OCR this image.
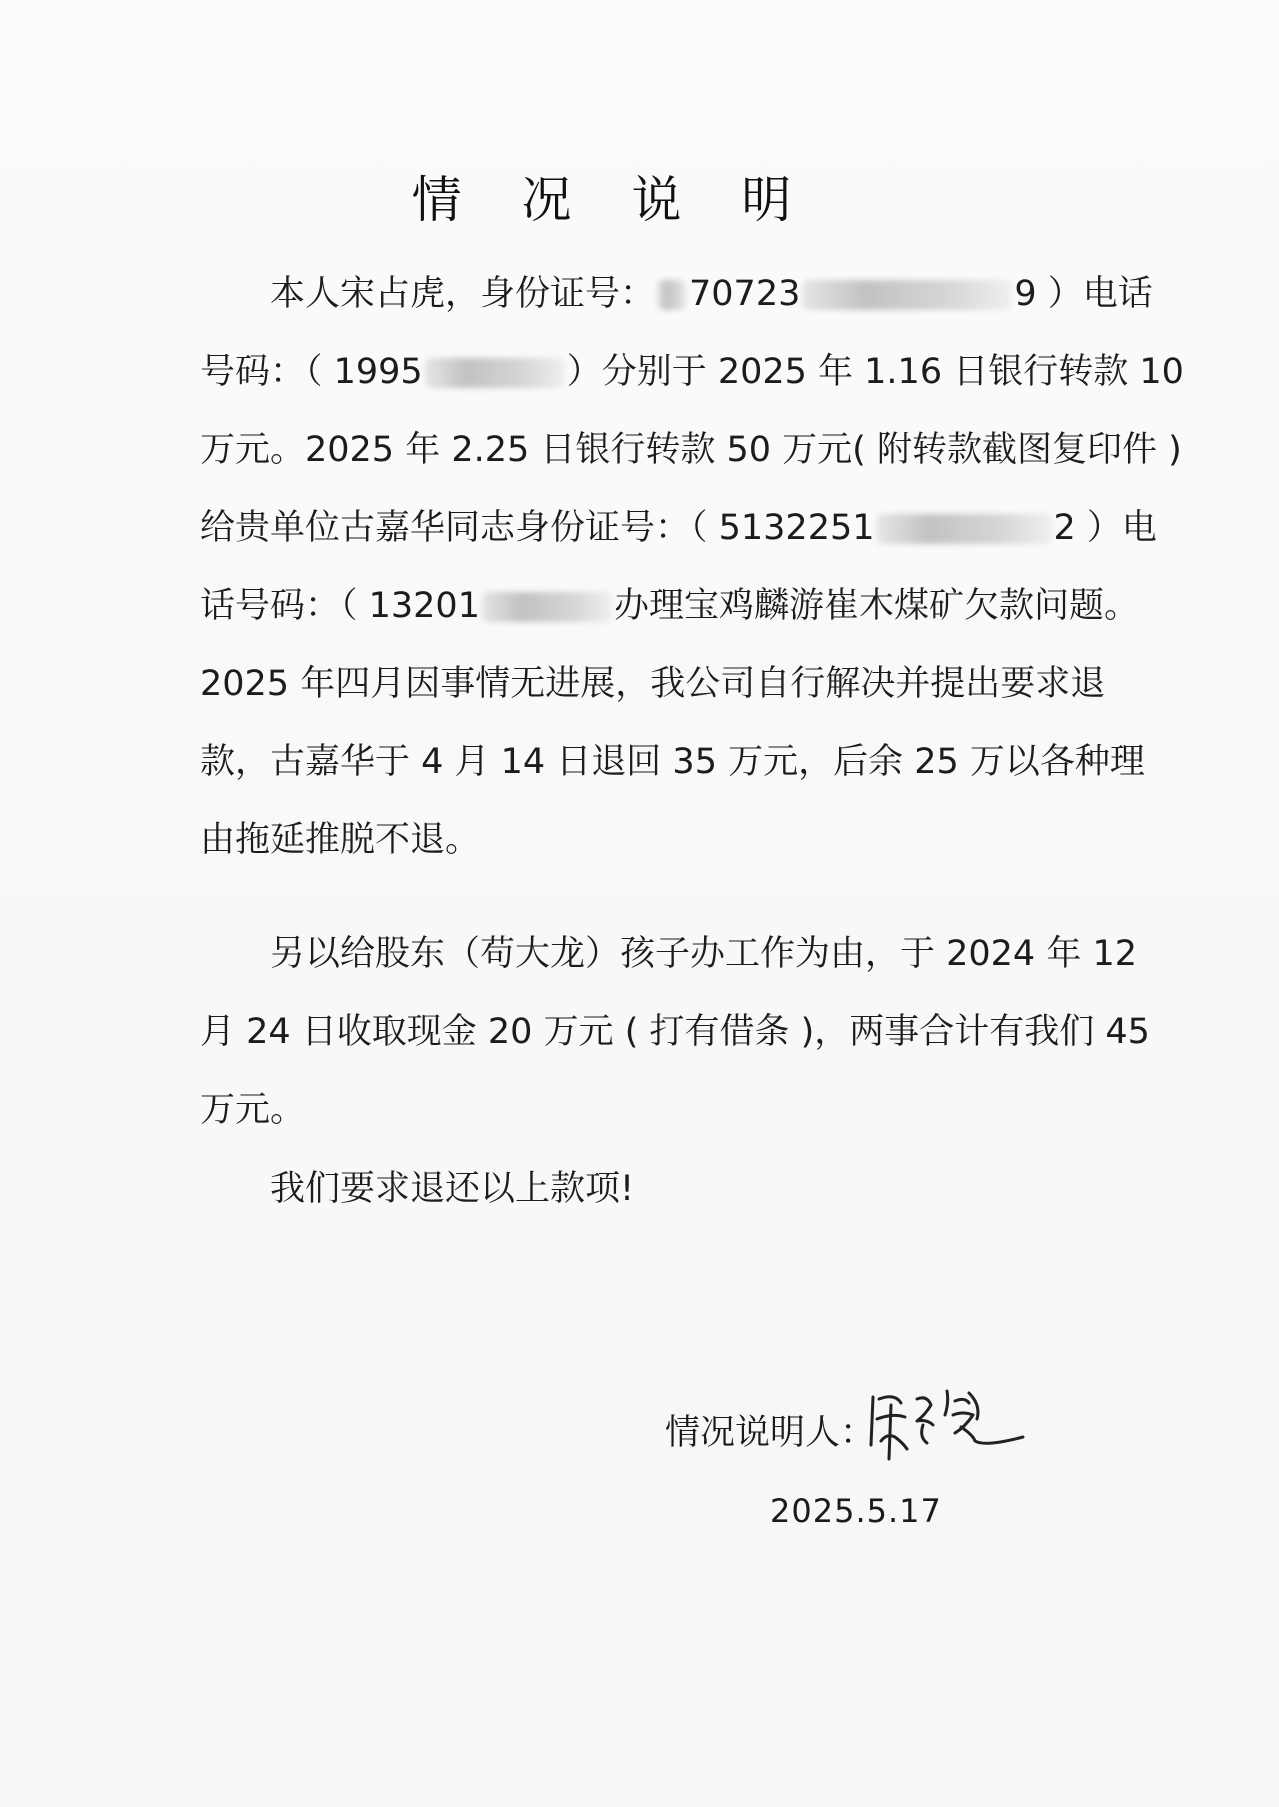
情 况 说 明
本人宋占虎，身份证号： 70723	9 ）电话
号码：（ 1995	）分别于 2025 年 1.16 日银行转款 10
万元。2025 年 2.25 日银行转款 50 万元( 附转款截图复印件 )
给贵单位古嘉华同志身份证号：（ 5132251	2 ）电
话号码：（ 13201	办理宝鸡麟游崔木煤矿欠款问题。
2025 年四月因事情无进展，我公司自行解决并提出要求退
款，古嘉华于 4 月 14 日退回 35 万元，后余 25 万以各种理
由拖延推脱不退。
另以给股东（苟大龙）孩子办工作为由，于 2024 年 12
月 24 日收取现金 20 万元 ( 打有借条 )，两事合计有我们 45
万元。
我们要求退还以上款项!
情况说明人：
2025.5.17
